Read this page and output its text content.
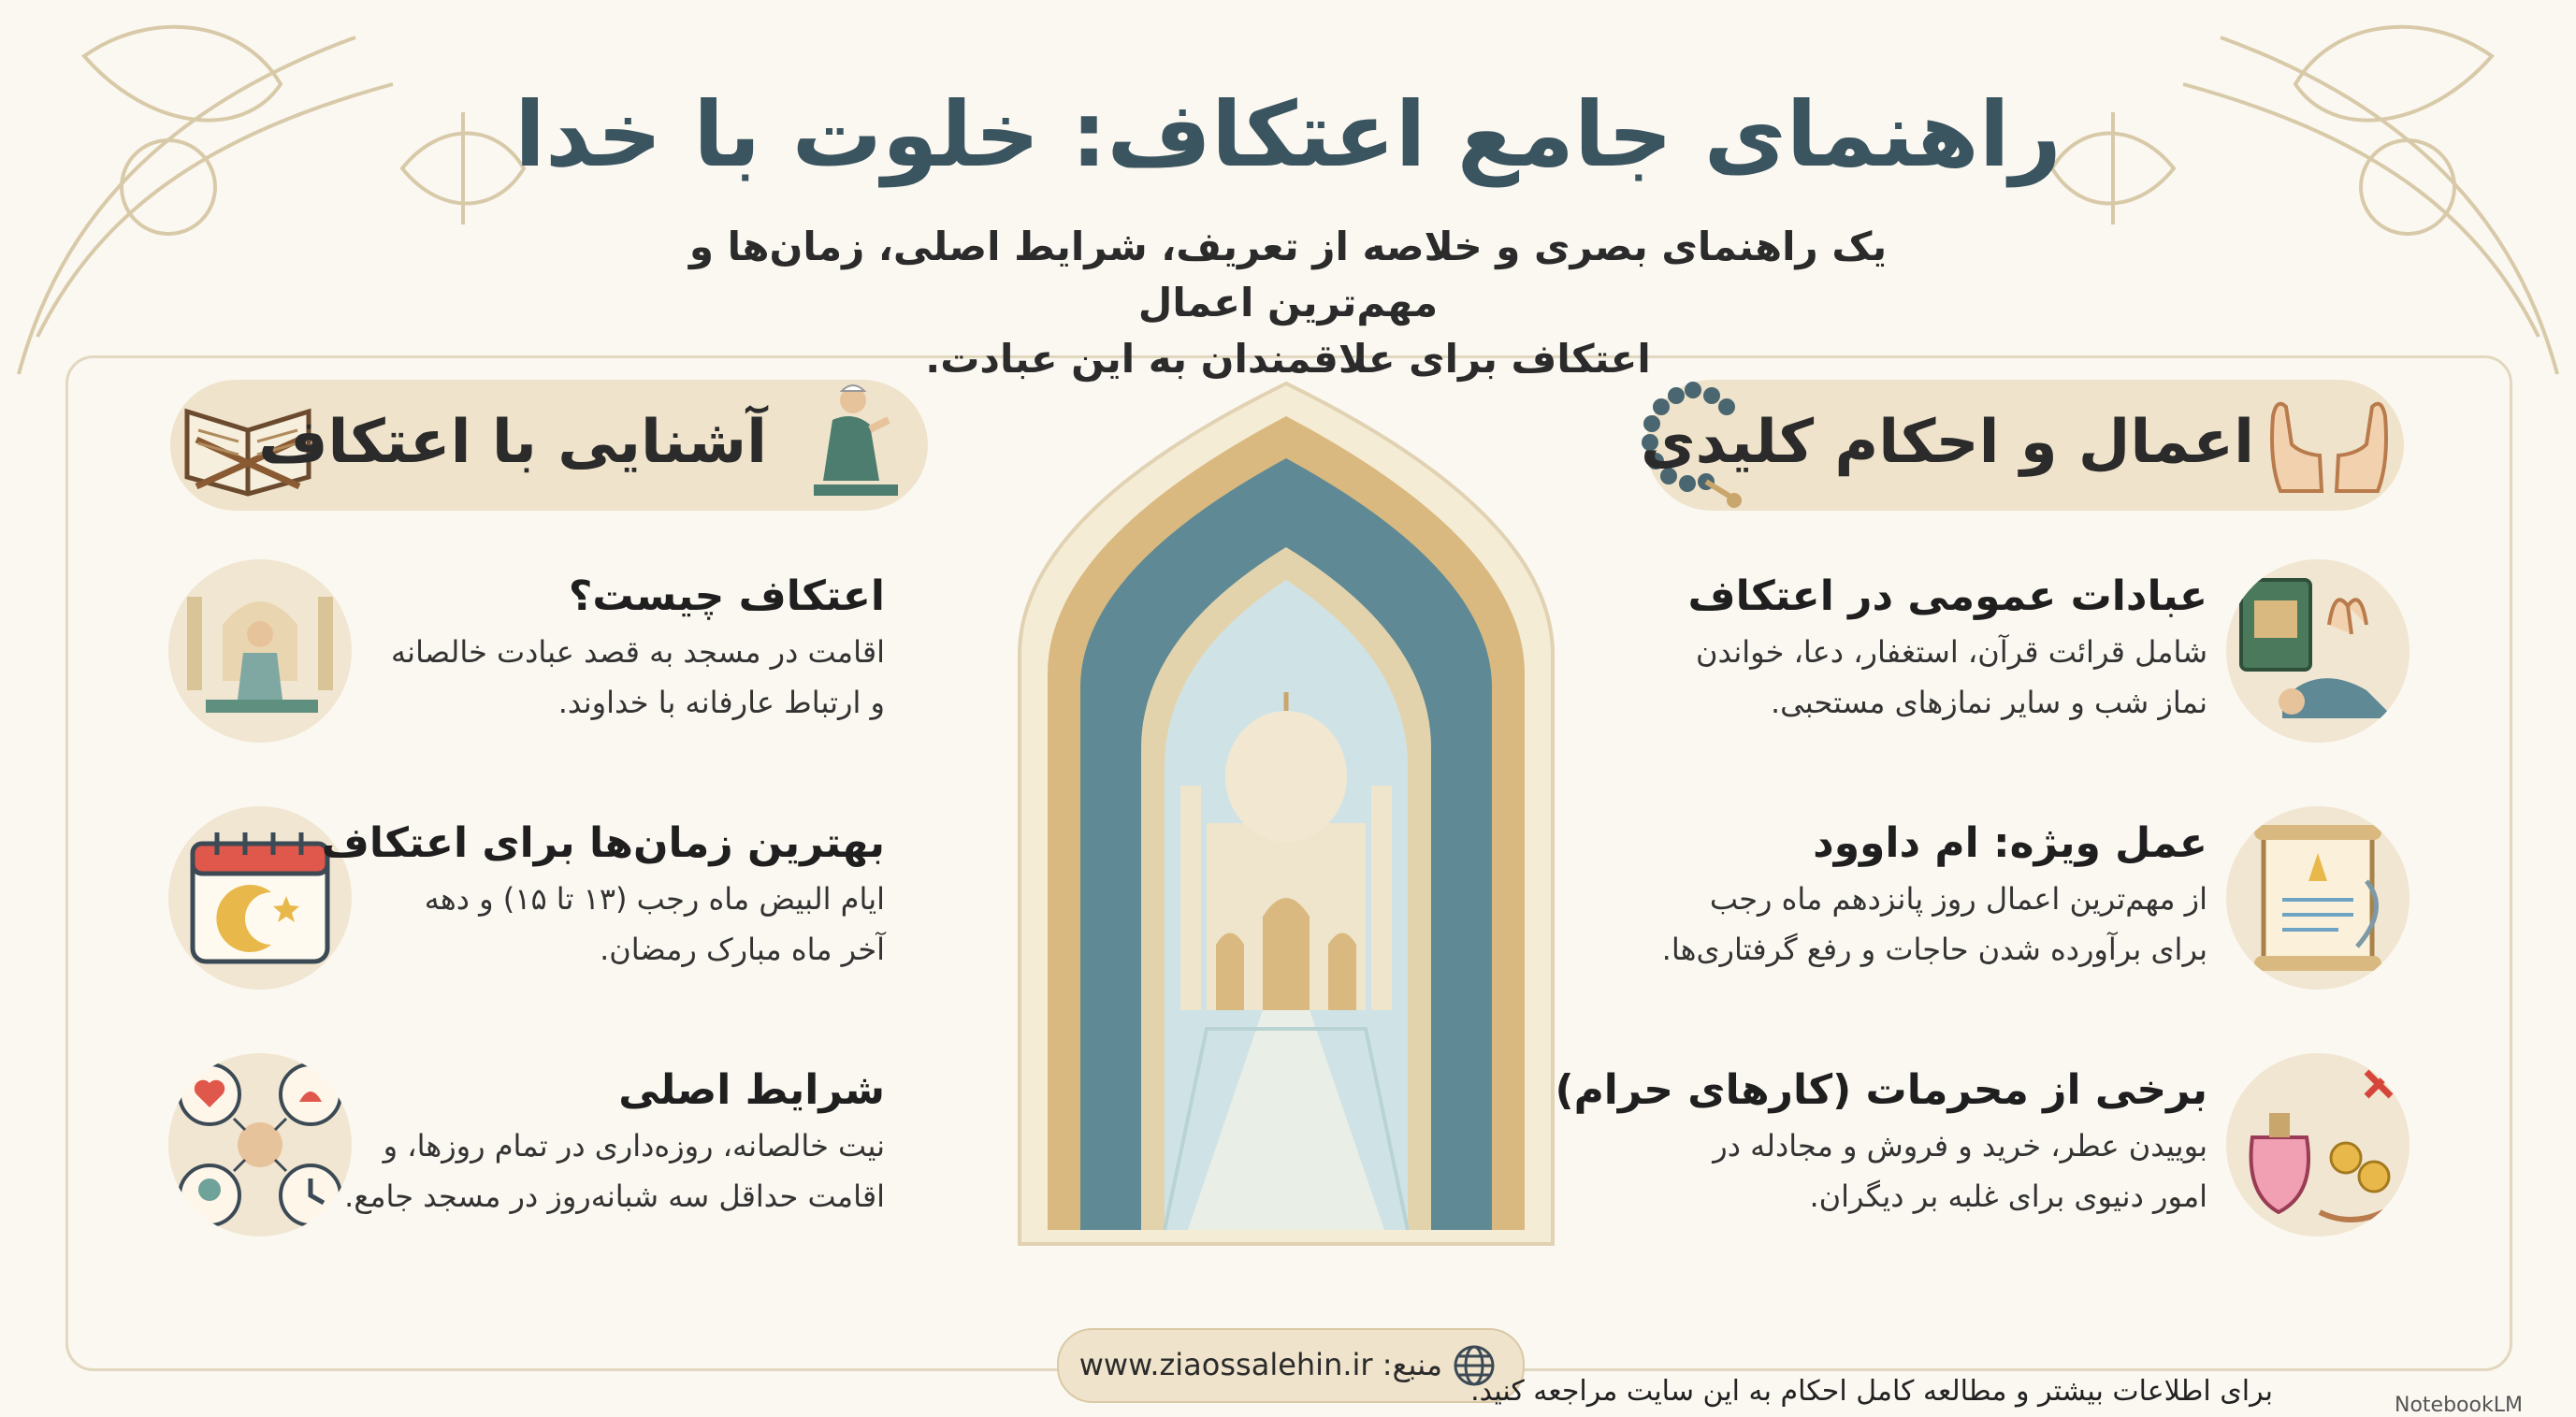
راهنمای جامع اعتکاف: خلوت با خدا
یک راهنمای بصری و خلاصه از تعریف، شرایط اصلی، زمان‌ها و مهم‌ترین اعمال
اعتکاف برای علاقمندان به این عبادت.
آشنایی با اعتکاف	اعمال و احکام کلیدی
اعتکاف چیست؟
اقامت در مسجد به قصد عبادت خالصانه
و ارتباط عارفانه با خداوند.
بهترین زمان‌ها برای اعتکاف
ایام البیض ماه رجب (۱۳ تا ۱۵) و دهه
آخر ماه مبارک رمضان.
شرایط اصلی
نیت خالصانه، روزه‌داری در تمام روزها، و
اقامت حداقل سه شبانه‌روز در مسجد جامع.
عبادات عمومی در اعتکاف
شامل قرائت قرآن، استغفار، دعا، خواندن
نماز شب و سایر نمازهای مستحبی.
عمل ویژه: ام داوود
از مهم‌ترین اعمال روز پانزدهم ماه رجب
برای برآورده شدن حاجات و رفع گرفتاری‌ها.
برخی از محرمات (کارهای حرام)
بوییدن عطر، خرید و فروش و مجادله در
امور دنیوی برای غلبه بر دیگران.
منبع: www.ziaossalehin.ir
برای اطلاعات بیشتر و مطالعه کامل احکام به این سایت مراجعه کنید.	NotebookLM
